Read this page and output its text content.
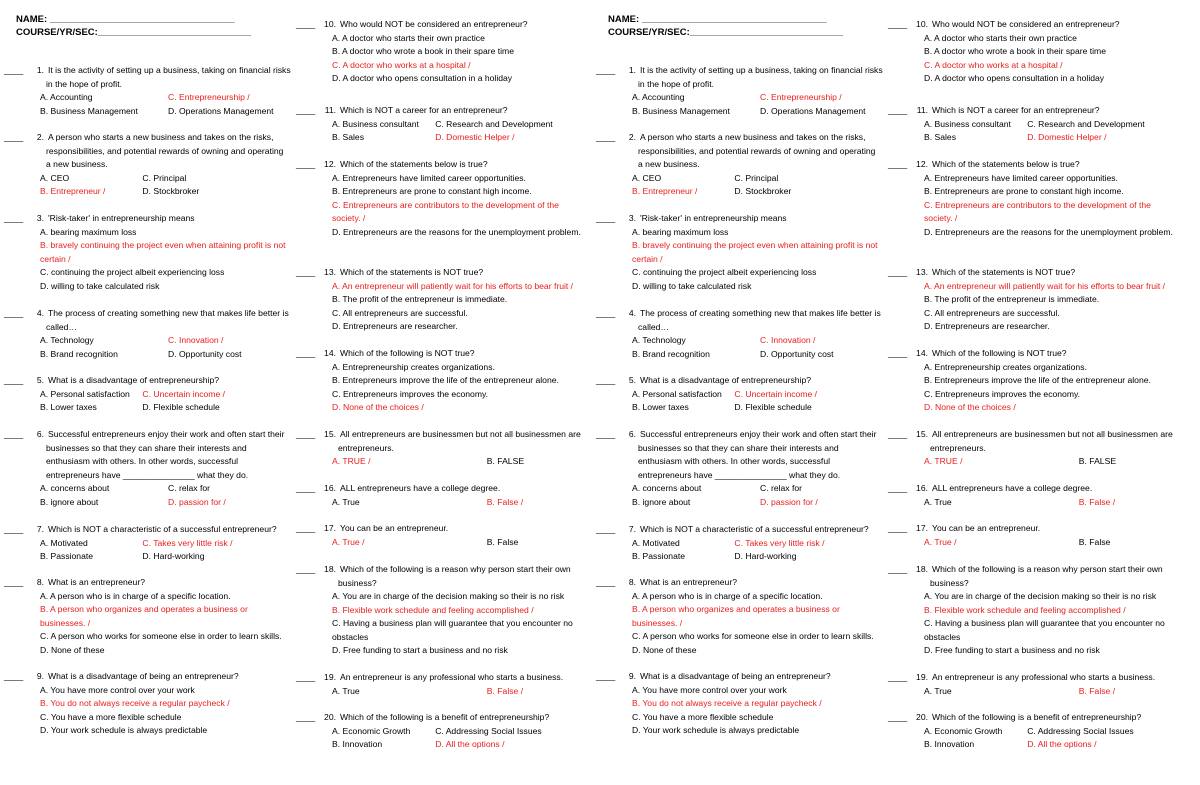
NAME: ___________________________________
COURSE/YR/SEC:_____________________________
____	1. It is the activity of setting up a business, taking on financial risks
in the hope of profit.
A. Accounting	C. Entrepreneurship /
B. Business Management	D. Operations Management
____	2. A person who starts a new business and takes on the risks,
responsibilities, and potential rewards of owning and operating
a new business.
A. CEO	C. Principal
B. Entrepreneur /	D. Stockbroker
____	3. 'Risk-taker' in entrepreneurship means
A. bearing maximum loss
B. bravely continuing the project even when attaining profit is not certain /
C. continuing the project albeit experiencing loss
D. willing to take calculated risk
____	4. The process of creating something new that makes life better is
called…
A. Technology	C. Innovation /
B. Brand recognition	D. Opportunity cost
____	5. What is a disadvantage of entrepreneurship?
A. Personal satisfaction	C. Uncertain income /
B. Lower taxes	D. Flexible schedule
____	6. Successful entrepreneurs enjoy their work and often start their
businesses so that they can share their interests and
enthusiasm with others. In other words, successful
entrepreneurs have _______________ what they do.
A. concerns about	C. relax for
B. ignore about	D. passion for /
____	7. Which is NOT a characteristic of a successful entrepreneur?
A. Motivated	C. Takes very little risk /
B. Passionate	D. Hard-working
____	8. What is an entrepreneur?
A. A person who is in charge of a specific location.
B. A person who organizes and operates a business or businesses. /
C. A person who works for someone else in order to learn skills.
D. None of these
____	9. What is a disadvantage of being an entrepreneur?
A. You have more control over your work
B. You do not always receive a regular paycheck /
C. You have a more flexible schedule
D. Your work schedule is always predictable
____	10. Who would NOT be considered an entrepreneur?
A. A doctor who starts their own practice
B. A doctor who wrote a book in their spare time
C. A doctor who works at a hospital /
D. A doctor who opens consultation in a holiday
____	11. Which is NOT a career for an entrepreneur?
A. Business consultant	C. Research and Development
B. Sales	D. Domestic Helper /
____	12. Which of the statements below is true?
A. Entrepreneurs have limited career opportunities.
B. Entrepreneurs are prone to constant high income.
C. Entrepreneurs are contributors to the development of the society. /
D. Entrepreneurs are the reasons for the unemployment problem.
____	13. Which of the statements is NOT true?
A. An entrepreneur will patiently wait for his efforts to bear fruit /
B. The profit of the entrepreneur is immediate.
C. All entrepreneurs are successful.
D. Entrepreneurs are researcher.
____	14. Which of the following is NOT true?
A. Entrepreneurship creates organizations.
B. Entrepreneurs improve the life of the entrepreneur alone.
C. Entrepreneurs improves the economy.
D. None of the choices /
____	15. All entrepreneurs are businessmen but not all businessmen are
entrepreneurs.
A. TRUE /	B. FALSE
____	16. ALL entrepreneurs have a college degree.
A. True	B. False /
____	17. You can be an entrepreneur.
A. True /	B. False
____	18. Which of the following is a reason why person start their own
business?
A. You are in charge of the decision making so their is no risk
B. Flexible work schedule and feeling accomplished /
C. Having a business plan will guarantee that you encounter no obstacles
D. Free funding to start a business and no risk
____	19. An entrepreneur is any professional who starts a business.
A. True	B. False /
____	20. Which of the following is a benefit of entrepreneurship?
A. Economic Growth	C. Addressing Social Issues
B. Innovation	D. All the options /
NAME: ___________________________________
COURSE/YR/SEC:_____________________________
____	1. It is the activity of setting up a business, taking on financial risks
in the hope of profit.
A. Accounting	C. Entrepreneurship /
B. Business Management	D. Operations Management
____	2. A person who starts a new business and takes on the risks,
responsibilities, and potential rewards of owning and operating
a new business.
A. CEO	C. Principal
B. Entrepreneur /	D. Stockbroker
____	3. 'Risk-taker' in entrepreneurship means
A. bearing maximum loss
B. bravely continuing the project even when attaining profit is not certain /
C. continuing the project albeit experiencing loss
D. willing to take calculated risk
____	4. The process of creating something new that makes life better is
called…
A. Technology	C. Innovation /
B. Brand recognition	D. Opportunity cost
____	5. What is a disadvantage of entrepreneurship?
A. Personal satisfaction	C. Uncertain income /
B. Lower taxes	D. Flexible schedule
____	6. Successful entrepreneurs enjoy their work and often start their
businesses so that they can share their interests and
enthusiasm with others. In other words, successful
entrepreneurs have _______________ what they do.
A. concerns about	C. relax for
B. ignore about	D. passion for /
____	7. Which is NOT a characteristic of a successful entrepreneur?
A. Motivated	C. Takes very little risk /
B. Passionate	D. Hard-working
____	8. What is an entrepreneur?
A. A person who is in charge of a specific location.
B. A person who organizes and operates a business or businesses. /
C. A person who works for someone else in order to learn skills.
D. None of these
____	9. What is a disadvantage of being an entrepreneur?
A. You have more control over your work
B. You do not always receive a regular paycheck /
C. You have a more flexible schedule
D. Your work schedule is always predictable
____	10. Who would NOT be considered an entrepreneur?
A. A doctor who starts their own practice
B. A doctor who wrote a book in their spare time
C. A doctor who works at a hospital /
D. A doctor who opens consultation in a holiday
____	11. Which is NOT a career for an entrepreneur?
A. Business consultant	C. Research and Development
B. Sales	D. Domestic Helper /
____	12. Which of the statements below is true?
A. Entrepreneurs have limited career opportunities.
B. Entrepreneurs are prone to constant high income.
C. Entrepreneurs are contributors to the development of the society. /
D. Entrepreneurs are the reasons for the unemployment problem.
____	13. Which of the statements is NOT true?
A. An entrepreneur will patiently wait for his efforts to bear fruit /
B. The profit of the entrepreneur is immediate.
C. All entrepreneurs are successful.
D. Entrepreneurs are researcher.
____	14. Which of the following is NOT true?
A. Entrepreneurship creates organizations.
B. Entrepreneurs improve the life of the entrepreneur alone.
C. Entrepreneurs improves the economy.
D. None of the choices /
____	15. All entrepreneurs are businessmen but not all businessmen are
entrepreneurs.
A. TRUE /	B. FALSE
____	16. ALL entrepreneurs have a college degree.
A. True	B. False /
____	17. You can be an entrepreneur.
A. True /	B. False
____	18. Which of the following is a reason why person start their own
business?
A. You are in charge of the decision making so their is no risk
B. Flexible work schedule and feeling accomplished /
C. Having a business plan will guarantee that you encounter no obstacles
D. Free funding to start a business and no risk
____	19. An entrepreneur is any professional who starts a business.
A. True	B. False /
____	20. Which of the following is a benefit of entrepreneurship?
A. Economic Growth	C. Addressing Social Issues
B. Innovation	D. All the options /
